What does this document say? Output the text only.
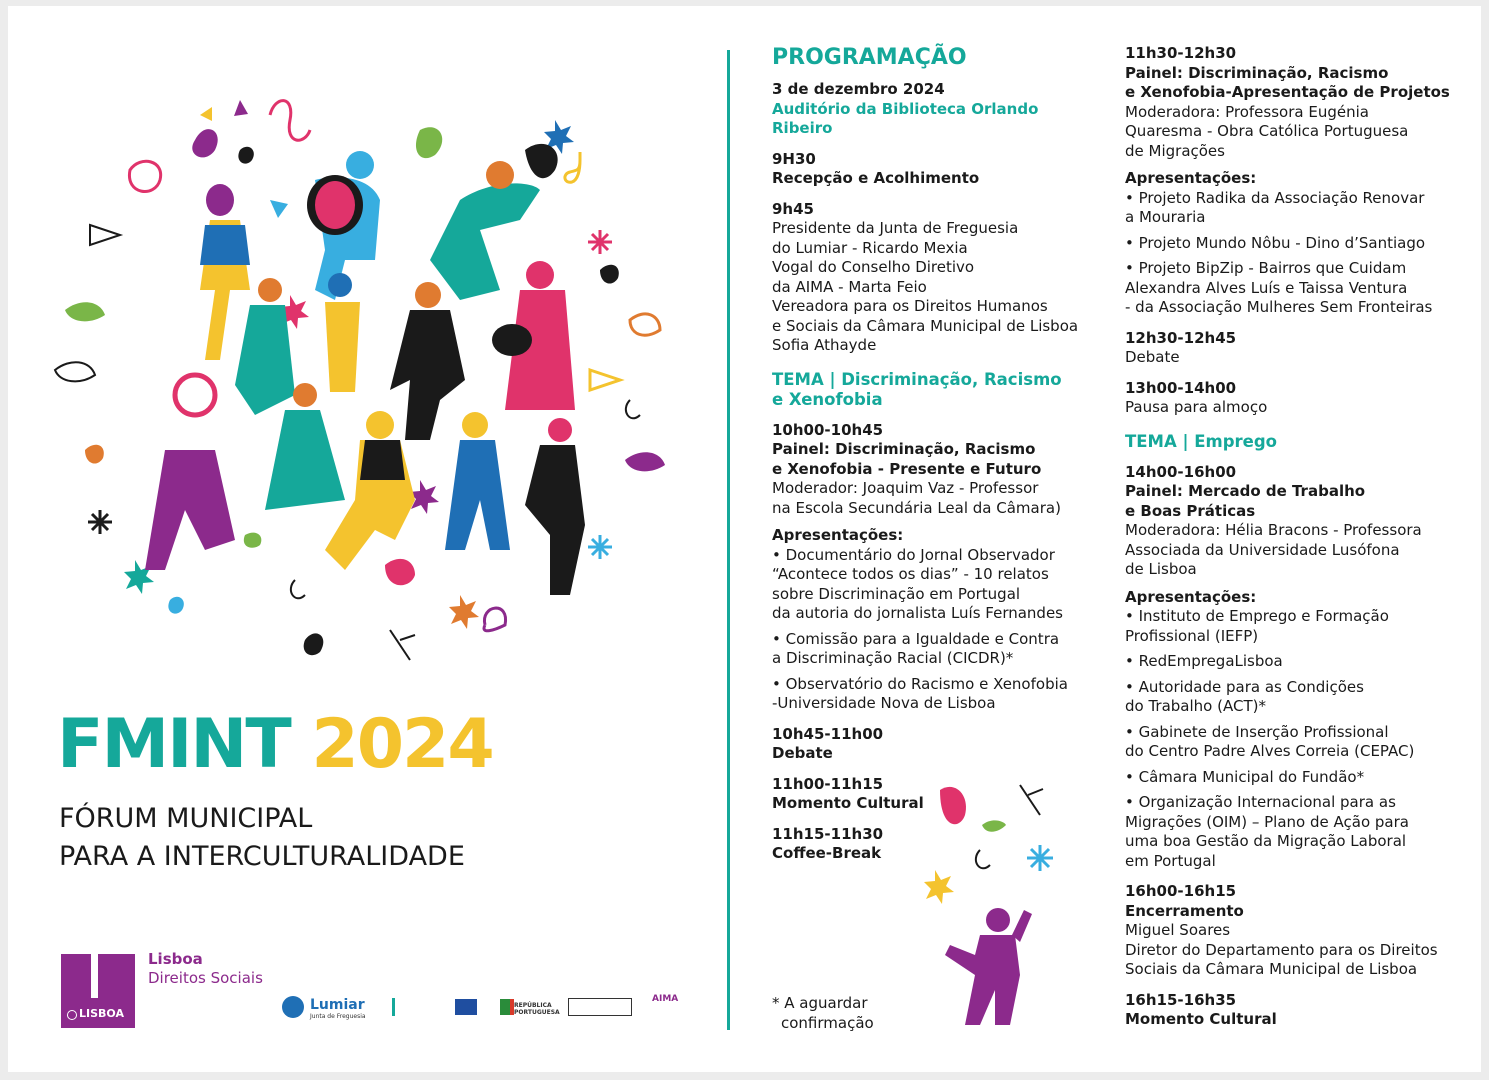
FMINT 2024
FÓRUM MUNICIPAL
PARA A INTERCULTURALIDADE
LISBOA
Lisboa
Direitos Sociais
Lumiar
Junta de Freguesia
REPÚBLICA PORTUGUESA
AIMA
PROGRAMAÇÃO
3 de dezembro 2024
Auditório da Biblioteca Orlando
Ribeiro
9H30
Recepção e Acolhimento
9h45
Presidente da Junta de Freguesia
do Lumiar - Ricardo Mexia
Vogal do Conselho Diretivo
da AIMA - Marta Feio
Vereadora para os Direitos Humanos
e Sociais da Câmara Municipal de Lisboa
Sofia Athayde
TEMA | Discriminação, Racismo
e Xenofobia
10h00-10h45
Painel: Discriminação, Racismo
e Xenofobia - Presente e Futuro
Moderador: Joaquim Vaz - Professor
na Escola Secundária Leal da Câmara)
Apresentações:
• Documentário do Jornal Observador
“Acontece todos os dias” - 10 relatos
sobre Discriminação em Portugal
da autoria do jornalista Luís Fernandes
• Comissão para a Igualdade e Contra
a Discriminação Racial (CICDR)*
• Observatório do Racismo e Xenofobia
-Universidade Nova de Lisboa
10h45-11h00
Debate
11h00-11h15
Momento Cultural
11h15-11h30
Coffee-Break
* A aguardar
confirmação
11h30-12h30
Painel: Discriminação, Racismo
e Xenofobia-Apresentação de Projetos
Moderadora: Professora Eugénia
Quaresma - Obra Católica Portuguesa
de Migrações
Apresentações:
• Projeto Radika da Associação Renovar
a Mouraria
• Projeto Mundo Nôbu - Dino d’Santiago
• Projeto BipZip - Bairros que Cuidam
Alexandra Alves Luís e Taissa Ventura
- da Associação Mulheres Sem Fronteiras
12h30-12h45
Debate
13h00-14h00
Pausa para almoço
TEMA | Emprego
14h00-16h00
Painel: Mercado de Trabalho
e Boas Práticas
Moderadora: Hélia Bracons - Professora
Associada da Universidade Lusófona
de Lisboa
Apresentações:
• Instituto de Emprego e Formação
Profissional (IEFP)
• RedEmpregaLisboa
• Autoridade para as Condições
do Trabalho (ACT)*
• Gabinete de Inserção Profissional
do Centro Padre Alves Correia (CEPAC)
• Câmara Municipal do Fundão*
• Organização Internacional para as
Migrações (OIM) – Plano de Ação para
uma boa Gestão da Migração Laboral
em Portugal
16h00-16h15
Encerramento
Miguel Soares
Diretor do Departamento para os Direitos
Sociais da Câmara Municipal de Lisboa
16h15-16h35
Momento Cultural
